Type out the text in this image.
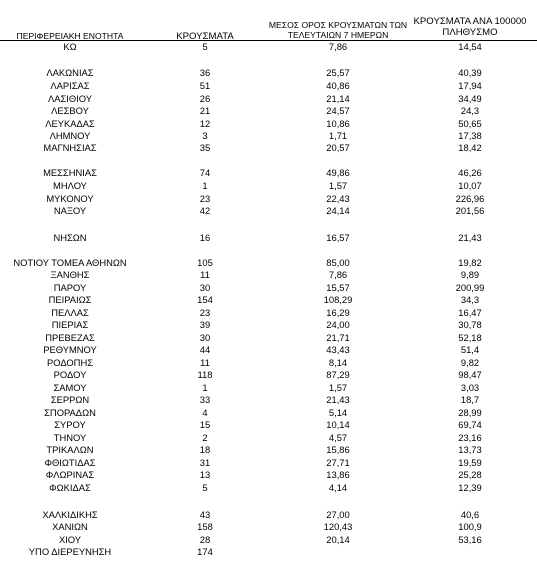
ΠΕΡΙΦΕΡΕΙΑΚΗ ΕΝΟΤΗΤΑ	ΚΡΟΥΣΜΑΤΑ
ΜΕΣΟΣ ΟΡΟΣ ΚΡΟΥΣΜΑΤΩΝ ΤΩΝ
ΤΕΛΕΥΤΑΙΩΝ 7 ΗΜΕΡΩΝ
ΚΡΟΥΣΜΑΤΑ ΑΝΑ 100000
ΠΛΗΘΥΣΜΟ
ΚΩ	5	7,86	14,54
ΛΑΚΩΝΙΑΣ	36	25,57	40,39
ΛΑΡΙΣΑΣ	51	40,86	17,94
ΛΑΣΙΘΙΟΥ	26	21,14	34,49
ΛΕΣΒΟΥ	21	24,57	24,3
ΛΕΥΚΑΔΑΣ	12	10,86	50,65
ΛΗΜΝΟΥ	3	1,71	17,38
ΜΑΓΝΗΣΙΑΣ	35	20,57	18,42
ΜΕΣΣΗΝΙΑΣ	74	49,86	46,26
ΜΗΛΟΥ	1	1,57	10,07
ΜΥΚΟΝΟΥ	23	22,43	226,96
ΝΑΞΟΥ	42	24,14	201,56
ΝΗΣΩΝ	16	16,57	21,43
ΝΟΤΙΟΥ ΤΟΜΕΑ ΑΘΗΝΩΝ	105	85,00	19,82
ΞΑΝΘΗΣ	11	7,86	9,89
ΠΑΡΟΥ	30	15,57	200,99
ΠΕΙΡΑΙΩΣ	154	108,29	34,3
ΠΕΛΛΑΣ	23	16,29	16,47
ΠΙΕΡΙΑΣ	39	24,00	30,78
ΠΡΕΒΕΖΑΣ	30	21,71	52,18
ΡΕΘΥΜΝΟΥ	44	43,43	51,4
ΡΟΔΟΠΗΣ	11	8,14	9,82
ΡΟΔΟΥ	118	87,29	98,47
ΣΑΜΟΥ	1	1,57	3,03
ΣΕΡΡΩΝ	33	21,43	18,7
ΣΠΟΡΑΔΩΝ	4	5,14	28,99
ΣΥΡΟΥ	15	10,14	69,74
ΤΗΝΟΥ	2	4,57	23,16
ΤΡΙΚΑΛΩΝ	18	15,86	13,73
ΦΘΙΩΤΙΔΑΣ	31	27,71	19,59
ΦΛΩΡΙΝΑΣ	13	13,86	25,28
ΦΩΚΙΔΑΣ	5	4,14	12,39
ΧΑΛΚΙΔΙΚΗΣ	43	27,00	40,6
ΧΑΝΙΩΝ	158	120,43	100,9
ΧΙΟΥ	28	20,14	53,16
ΥΠΟ ΔΙΕΡΕΥΝΗΣΗ	174
